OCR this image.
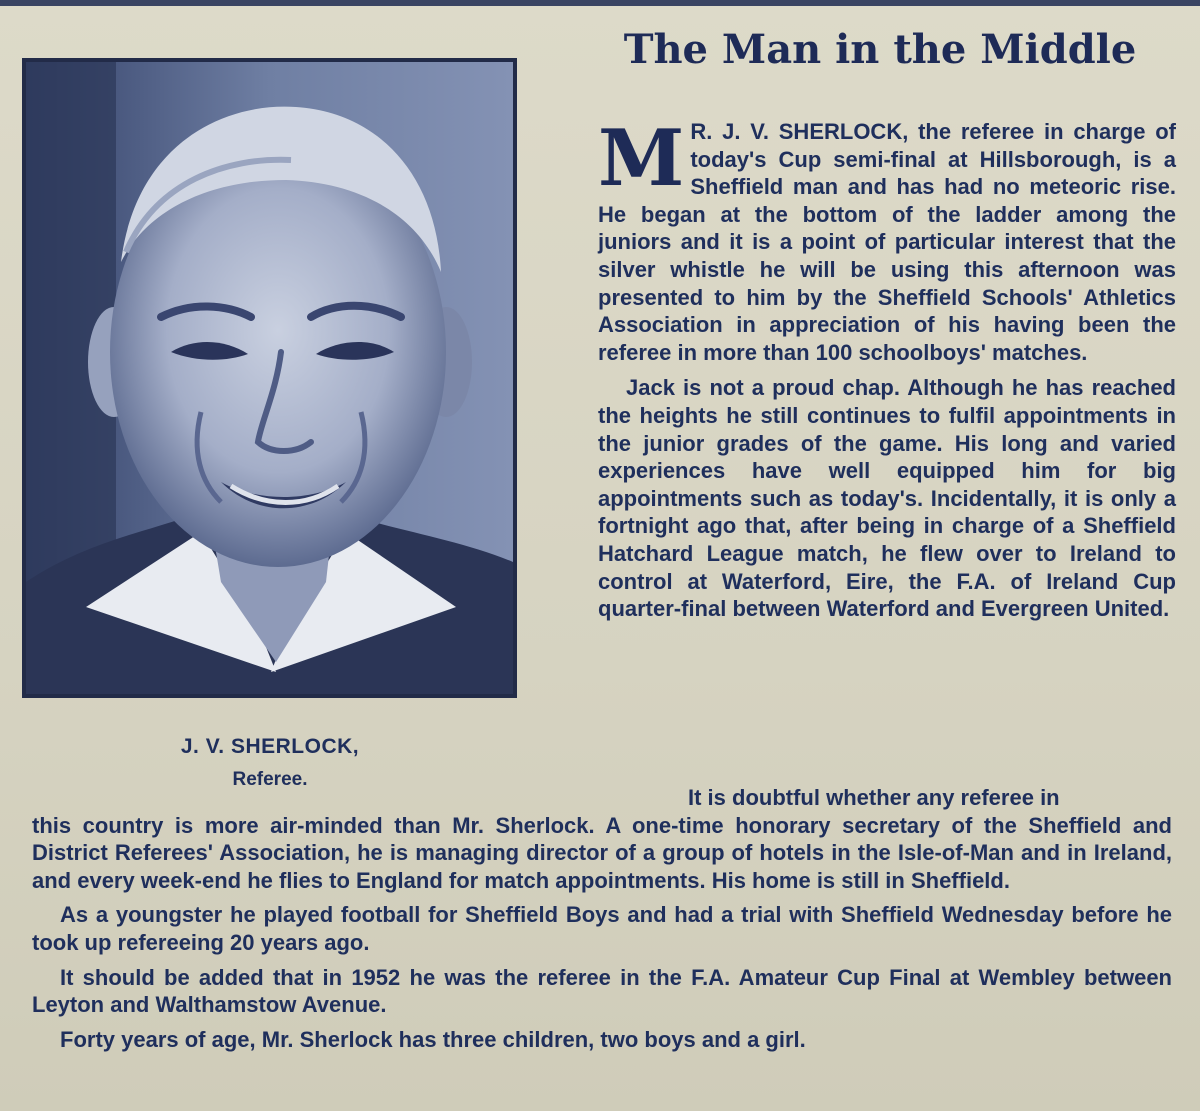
The Man in the Middle
J. V. SHERLOCK,
Referee.

M R. J. V. SHERLOCK, the referee in charge of today's Cup semi-final at Hillsborough, is a Sheffield man and has had no meteoric rise. He began at the bottom of the ladder among the juniors and it is a point of particular interest that the silver whistle he will be using this afternoon was presented to him by the Sheffield Schools' Athletics Association in appreciation of his having been the referee in more than 100 schoolboys' matches.

Jack is not a proud chap. Although he has reached the heights he still continues to fulfil appointments in the junior grades of the game. His long and varied experiences have well equipped him for big appointments such as today's. Incidentally, it is only a fortnight ago that, after being in charge of a Sheffield Hatchard League match, he flew over to Ireland to control at Waterford, Eire, the F.A. of Ireland Cup quarter-final between Waterford and Evergreen United.

It is doubtful whether any referee in

this country is more air-minded than Mr. Sherlock. A one-time honorary secretary of the Sheffield and District Referees' Association, he is managing director of a group of hotels in the Isle-of-Man and in Ireland, and every week-end he flies to England for match appointments. His home is still in Sheffield.

As a youngster he played football for Sheffield Boys and had a trial with Sheffield Wednesday before he took up refereeing 20 years ago.

It should be added that in 1952 he was the referee in the F.A. Amateur Cup Final at Wembley between Leyton and Walthamstow Avenue.

Forty years of age, Mr. Sherlock has three children, two boys and a girl.
